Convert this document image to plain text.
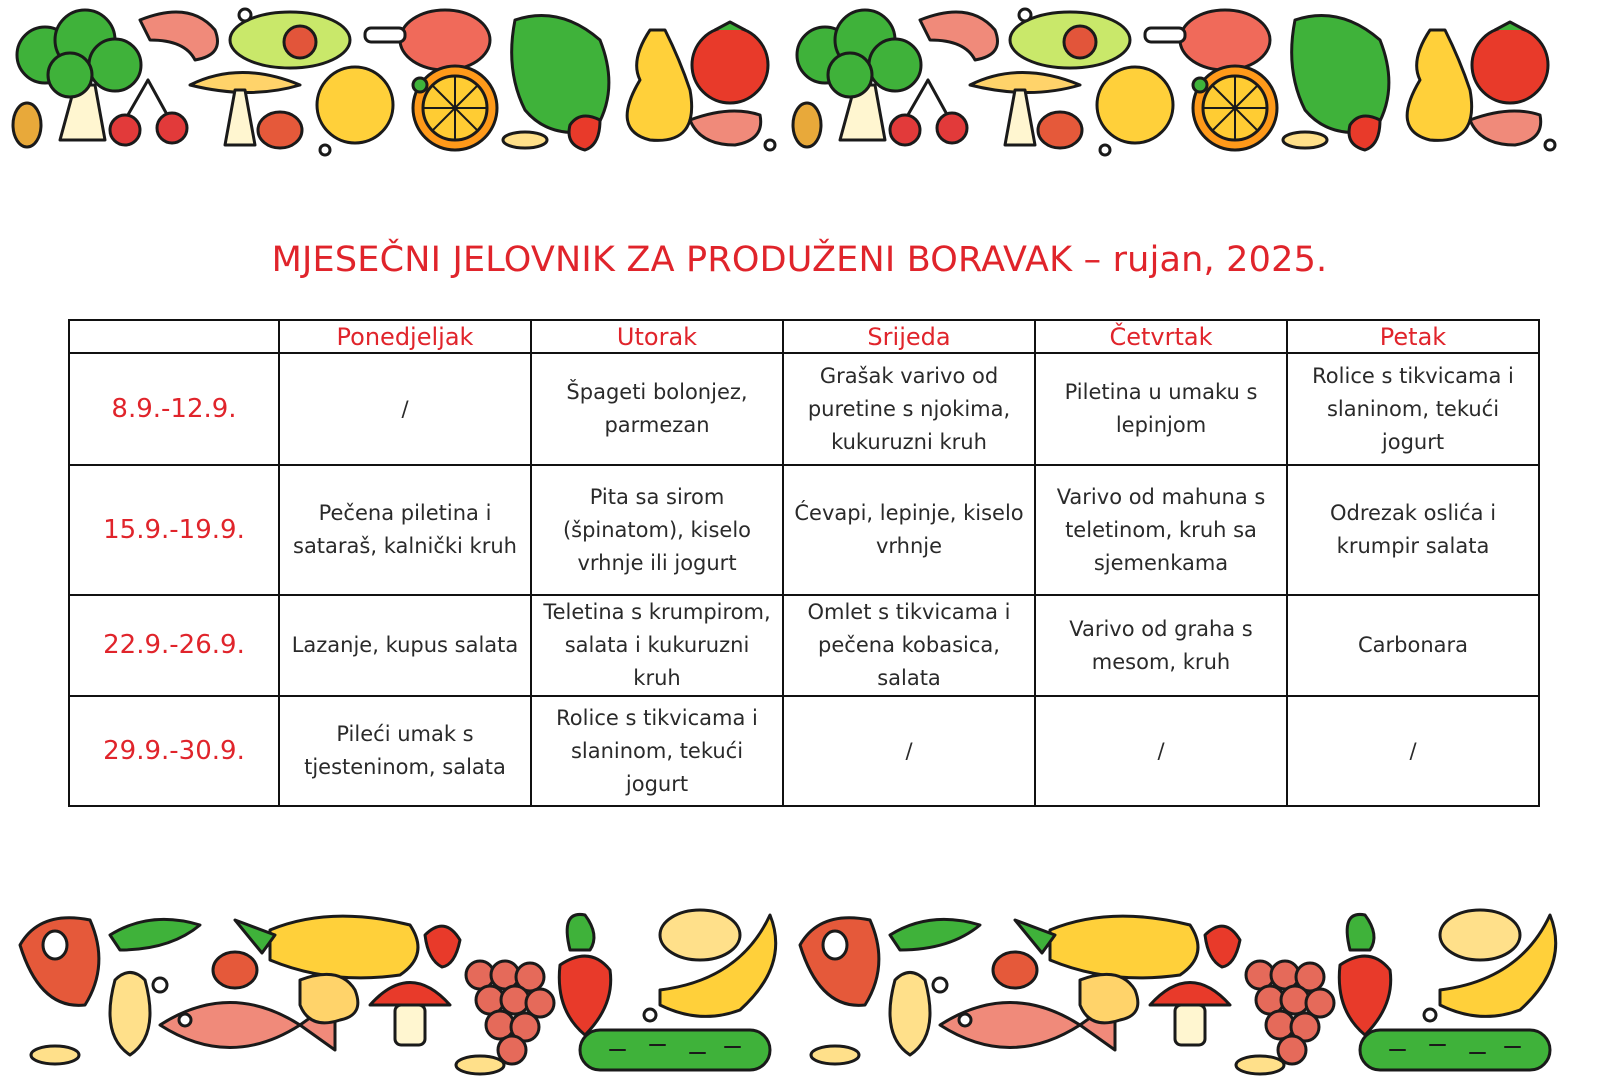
MJESEČNI JELOVNIK ZA PRODUŽENI BORAVAK – rujan, 2025.
	Ponedjeljak	Utorak	Srijeda	Četvrtak	Petak
8.9.-12.9.	/	Špageti bolonjez, parmezan	Grašak varivo od puretine s njokima, kukuruzni kruh	Piletina u umaku s lepinjom	Rolice s tikvicama i slaninom, tekući jogurt
15.9.-19.9.	Pečena piletina i sataraš, kalnički kruh	Pita sa sirom (špinatom), kiselo vrhnje ili jogurt	Ćevapi, lepinje, kiselo vrhnje	Varivo od mahuna s teletinom, kruh sa sjemenkama	Odrezak oslića i krumpir salata
22.9.-26.9.	Lazanje, kupus salata	Teletina s krumpirom, salata i kukuruzni kruh	Omlet s tikvicama i pečena kobasica, salata	Varivo od graha s mesom, kruh	Carbonara
29.9.-30.9.	Pileći umak s tjesteninom, salata	Rolice s tikvicama i slaninom, tekući jogurt	/	/	/
